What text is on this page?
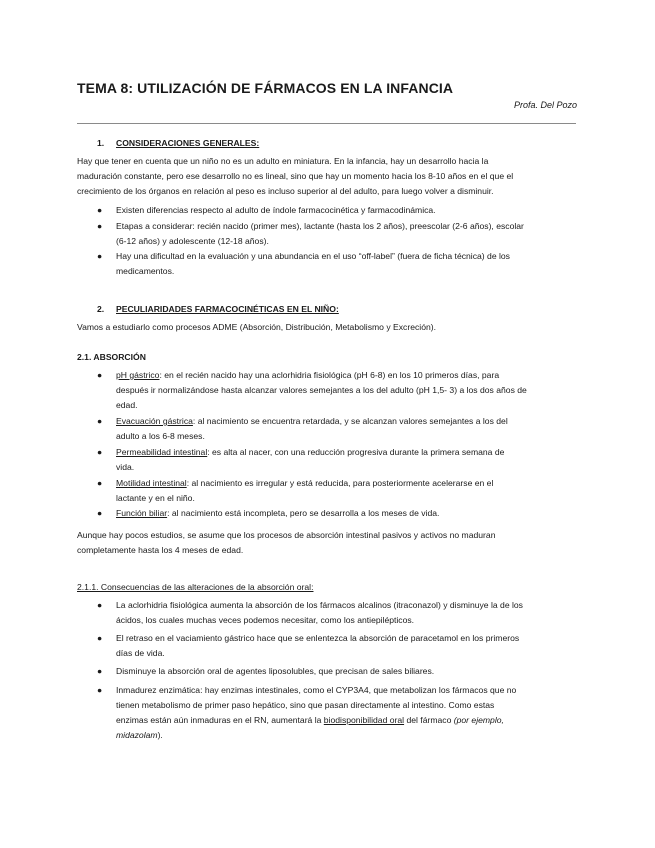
TEMA 8: UTILIZACIÓN DE FÁRMACOS EN LA INFANCIA
Profa. Del Pozo
1. CONSIDERACIONES GENERALES:
Hay que tener en cuenta que un niño no es un adulto en miniatura. En la infancia, hay un desarrollo hacia la
maduración constante, pero ese desarrollo no es lineal, sino que hay un momento hacia los 8-10 años en el que el
crecimiento de los órganos en relación al peso es incluso superior al del adulto, para luego volver a disminuir.
● Existen diferencias respecto al adulto de índole farmacocinética y farmacodinámica.
● Etapas a considerar: recién nacido (primer mes), lactante (hasta los 2 años), preescolar (2-6 años), escolar
(6-12 años) y adolescente (12-18 años).
● Hay una dificultad en la evaluación y una abundancia en el uso “off-label” (fuera de ficha técnica) de los
medicamentos.
2. PECULIARIDADES FARMACOCINÉTICAS EN EL NIÑO:
Vamos a estudiarlo como procesos ADME (Absorción, Distribución, Metabolismo y Excreción).
2.1. ABSORCIÓN
● pH gástrico: en el recién nacido hay una aclorhidria fisiológica (pH 6-8) en los 10 primeros días, para
después ir normalizándose hasta alcanzar valores semejantes a los del adulto (pH 1,5- 3) a los dos años de
edad.
● Evacuación gástrica: al nacimiento se encuentra retardada, y se alcanzan valores semejantes a los del
adulto a los 6-8 meses.
● Permeabilidad intestinal: es alta al nacer, con una reducción progresiva durante la primera semana de
vida.
● Motilidad intestinal: al nacimiento es irregular y está reducida, para posteriormente acelerarse en el
lactante y en el niño.
● Función biliar: al nacimiento está incompleta, pero se desarrolla a los meses de vida.
Aunque hay pocos estudios, se asume que los procesos de absorción intestinal pasivos y activos no maduran
completamente hasta los 4 meses de edad.
2.1.1. Consecuencias de las alteraciones de la absorción oral:
● La aclorhidria fisiológica aumenta la absorción de los fármacos alcalinos (itraconazol) y disminuye la de los
ácidos, los cuales muchas veces podemos necesitar, como los antiepilépticos.
● El retraso en el vaciamiento gástrico hace que se enlentezca la absorción de paracetamol en los primeros
días de vida.
● Disminuye la absorción oral de agentes liposolubles, que precisan de sales biliares.
● Inmadurez enzimática: hay enzimas intestinales, como el CYP3A4, que metabolizan los fármacos que no
tienen metabolismo de primer paso hepático, sino que pasan directamente al intestino. Como estas
enzimas están aún inmaduras en el RN, aumentará la biodisponibilidad oral del fármaco (por ejemplo,
midazolam).
